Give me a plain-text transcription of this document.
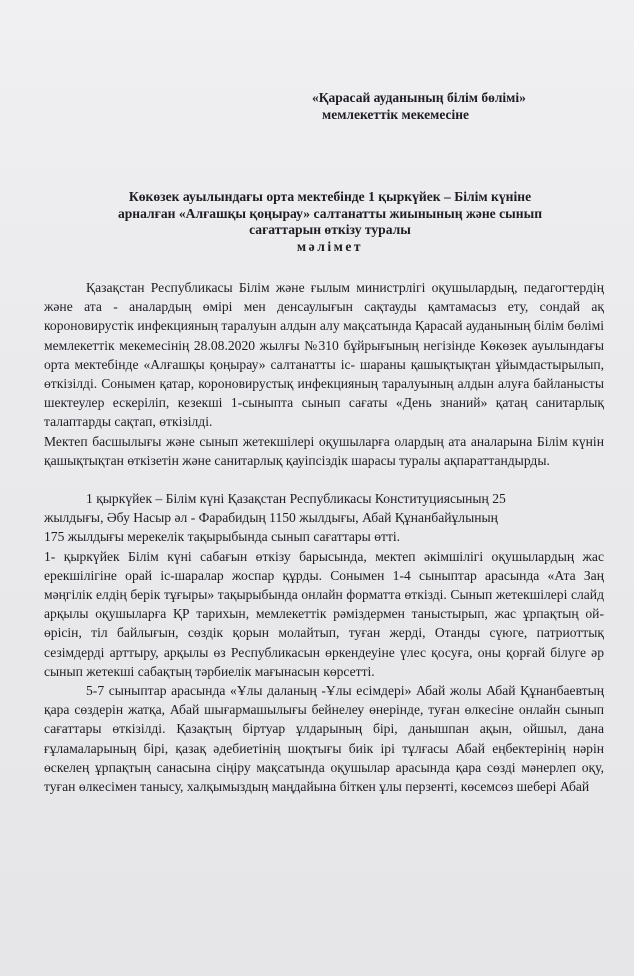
«Қарасай ауданының білім бөлімі»
мемлекеттік мекемесіне
Көкөзек ауылындағы орта мектебінде 1 қыркүйек – Білім күніне
арналған «Алғашқы қоңырау» салтанатты жиынының және сынып
сағаттарын өткізу туралы
мәлімет

Қазақстан Республикасы Білім және ғылым министрлігі оқушылардың, педагогтердің және ата - аналардың өмірі мен денсаулығын сақтауды қамтамасыз ету, сондай ақ короновирустік инфекцияның таралуын алдын алу мақсатында Қарасай ауданының білім бөлімі мемлекеттік мекемесінің 28.08.2020 жылғы №310 бұйрығының негізінде Көкөзек ауылындағы орта мектебінде «Алғашқы қоңырау» салтанатты іс- шараны қашықтықтан ұйымдастырылып, өткізілді. Сонымен қатар, короновирустық инфекцияның таралуының алдын алуға байланысты шектеулер ескеріліп, кезекші 1-сыныпта сынып сағаты «День знаний» қатаң санитарлық талаптарды сақтап, өткізілді.

Мектеп басшылығы және сынып жетекшілері оқушыларға олардың ата аналарына Білім күнін қашықтықтан өткізетін және санитарлық қауіпсіздік шарасы туралы ақпараттандырды.

1 қыркүйек – Білім күні Қазақстан Республикасы Конституциясының 25

жылдығы, Әбу Насыр әл - Фарабидың 1150 жылдығы, Абай Құнанбайұлының

175 жылдығы мерекелік тақырыбында сынып сағаттары өтті.

1- қыркүйек Білім күні сабағын өткізу барысында, мектеп әкімшілігі оқушылардың жас ерекшілігіне орай іс-шаралар жоспар құрды. Сонымен 1-4 сыныптар арасында «Ата Заң мәңгілік елдің берік тұғыры» тақырыбында онлайн форматта өткізді. Сынып жетекшілері слайд арқылы оқушыларға ҚР тарихын, мемлекеттік рәміздермен таныстырып, жас ұрпақтың ой-өрісін, тіл байлығын, сөздік қорын молайтып, туған жерді, Отанды сүюге, патриоттық сезімдерді арттыру, арқылы өз Республикасын өркендеуіне үлес қосуға, оны қорғай білуге әр сынып жетекші сабақтың тәрбиелік мағынасын көрсетті.

5-7 сыныптар арасында «Ұлы даланың -Ұлы есімдері» Абай жолы Абай Құнанбаевтың қара сөздерін жатқа, Абай шығармашылығы бейнелеу өнерінде, туған өлкесіне онлайн сынып сағаттары өткізілді. Қазақтың біртуар ұлдарының бірі, данышпан ақын, ойшыл, дана ғұламаларының бірі, қазақ әдебиетінің шоқтығы биік ірі тұлғасы Абай еңбектерінің нәрін өскелең ұрпақтың санасына сіңіру мақсатында оқушылар арасында қара сөзді мәнерлеп оқу, туған өлкесімен танысу, халқымыздың маңдайына біткен ұлы перзенті, көсемсөз шебері Абай
